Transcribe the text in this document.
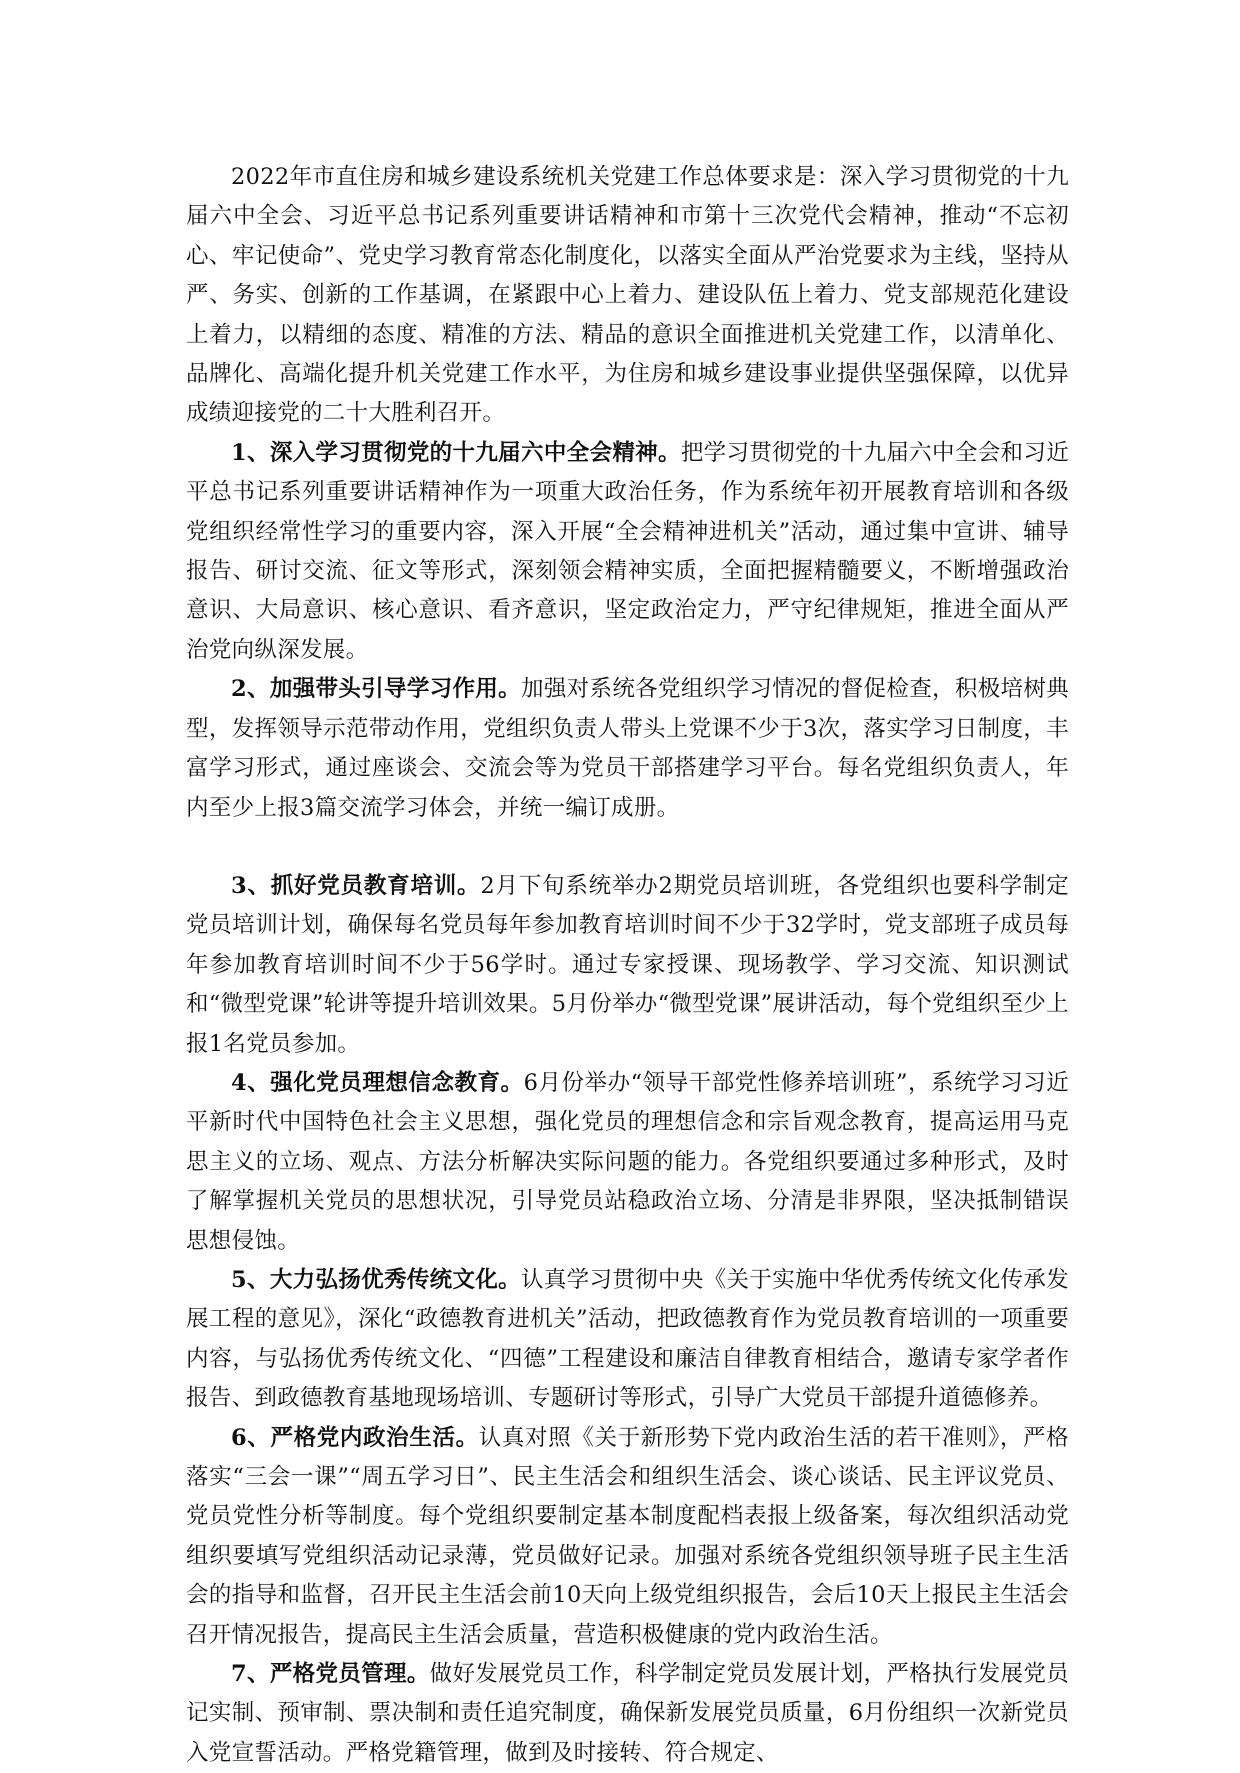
2022年市直住房和城乡建设系统机关党建工作总体要求是：深入学习贯彻党的十九届六中全会、习近平总书记系列重要讲话精神和市第十三次党代会精神，推动“不忘初心、牢记使命”、党史学习教育常态化制度化，以落实全面从严治党要求为主线，坚持从严、务实、创新的工作基调，在紧跟中心上着力、建设队伍上着力、党支部规范化建设上着力，以精细的态度、精准的方法、精品的意识全面推进机关党建工作，以清单化、品牌化、高端化提升机关党建工作水平，为住房和城乡建设事业提供坚强保障，以优异成绩迎接党的二十大胜利召开。

1、深入学习贯彻党的十九届六中全会精神。把学习贯彻党的十九届六中全会和习近平总书记系列重要讲话精神作为一项重大政治任务，作为系统年初开展教育培训和各级党组织经常性学习的重要内容，深入开展“全会精神进机关”活动，通过集中宣讲、辅导报告、研讨交流、征文等形式，深刻领会精神实质，全面把握精髓要义，不断增强政治意识、大局意识、核心意识、看齐意识，坚定政治定力，严守纪律规矩，推进全面从严治党向纵深发展。

2、加强带头引导学习作用。加强对系统各党组织学习情况的督促检查，积极培树典型，发挥领导示范带动作用，党组织负责人带头上党课不少于3次，落实学习日制度，丰富学习形式，通过座谈会、交流会等为党员干部搭建学习平台。每名党组织负责人，年内至少上报3篇交流学习体会，并统一编订成册。

3、抓好党员教育培训。2月下旬系统举办2期党员培训班，各党组织也要科学制定党员培训计划，确保每名党员每年参加教育培训时间不少于32学时，党支部班子成员每年参加教育培训时间不少于56学时。通过专家授课、现场教学、学习交流、知识测试和“微型党课”轮讲等提升培训效果。5月份举办“微型党课”展讲活动，每个党组织至少上报1名党员参加。

4、强化党员理想信念教育。6月份举办“领导干部党性修养培训班”，系统学习习近平新时代中国特色社会主义思想，强化党员的理想信念和宗旨观念教育，提高运用马克思主义的立场、观点、方法分析解决实际问题的能力。各党组织要通过多种形式，及时了解掌握机关党员的思想状况，引导党员站稳政治立场、分清是非界限，坚决抵制错误思想侵蚀。

5、大力弘扬优秀传统文化。认真学习贯彻中央《关于实施中华优秀传统文化传承发展工程的意见》，深化“政德教育进机关”活动，把政德教育作为党员教育培训的一项重要内容，与弘扬优秀传统文化、“四德”工程建设和廉洁自律教育相结合，邀请专家学者作报告、到政德教育基地现场培训、专题研讨等形式，引导广大党员干部提升道德修养。

6、严格党内政治生活。认真对照《关于新形势下党内政治生活的若干准则》，严格落实“三会一课”“周五学习日”、民主生活会和组织生活会、谈心谈话、民主评议党员、党员党性分析等制度。每个党组织要制定基本制度配档表报上级备案，每次组织活动党组织要填写党组织活动记录薄，党员做好记录。加强对系统各党组织领导班子民主生活会的指导和监督，召开民主生活会前10天向上级党组织报告，会后10天上报民主生活会召开情况报告，提高民主生活会质量，营造积极健康的党内政治生活。

7、严格党员管理。做好发展党员工作，科学制定党员发展计划，严格执行发展党员记实制、预审制、票决制和责任追究制度，确保新发展党员质量，6月份组织一次新党员入党宣誓活动。严格党籍管理，做到及时接转、符合规定、
